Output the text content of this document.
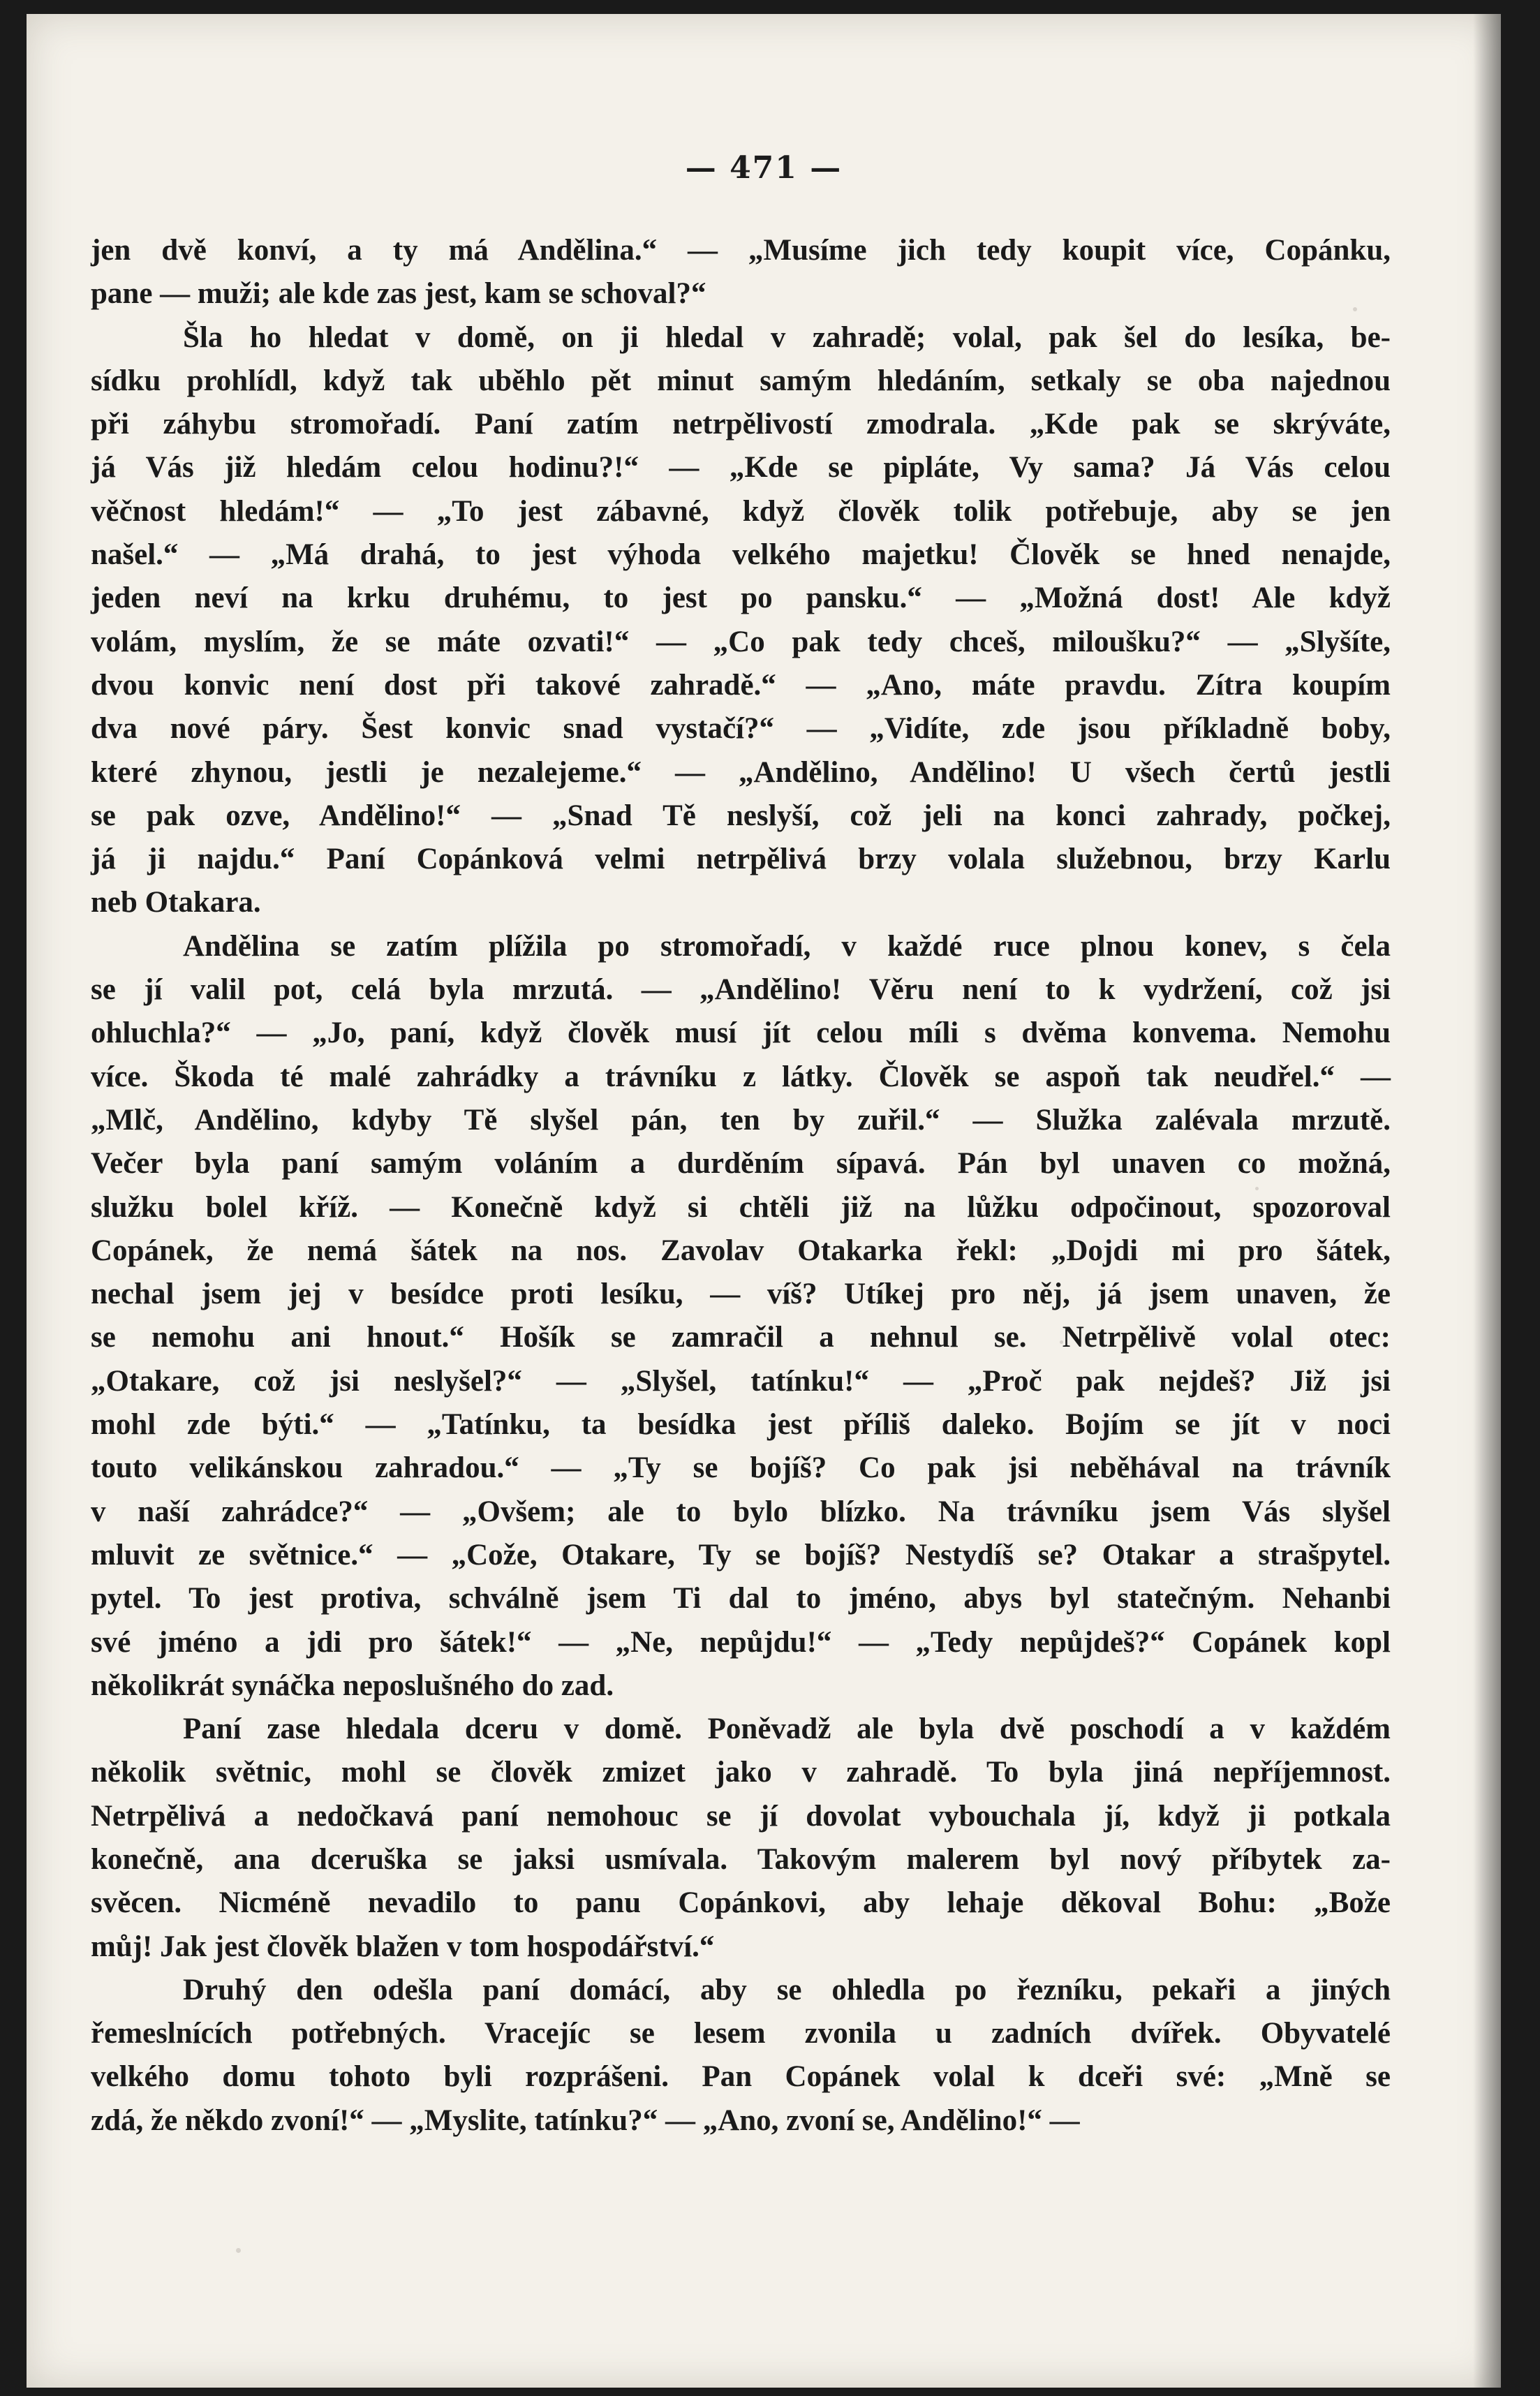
— 471 —
jen dvě konví, a ty má Andělina.“ — „Musíme jich tedy koupit více, Copánku,
pane — muži; ale kde zas jest, kam se schoval?“
Šla ho hledat v domě, on ji hledal v zahradě; volal, pak šel do lesíka, be-
sídku prohlídl, když tak uběhlo pět minut samým hledáním, setkaly se oba najednou
při záhybu stromořadí. Paní zatím netrpělivostí zmodrala. „Kde pak se skrýváte,
já Vás již hledám celou hodinu?!“ — „Kde se pipláte, Vy sama? Já Vás celou
věčnost hledám!“ — „To jest zábavné, když člověk tolik potřebuje, aby se jen
našel.“ — „Má drahá, to jest výhoda velkého majetku! Člověk se hned nenajde,
jeden neví na krku druhému, to jest po pansku.“ — „Možná dost! Ale když
volám, myslím, že se máte ozvati!“ — „Co pak tedy chceš, miloušku?“ — „Slyšíte,
dvou konvic není dost při takové zahradě.“ — „Ano, máte pravdu. Zítra koupím
dva nové páry. Šest konvic snad vystačí?“ — „Vidíte, zde jsou příkladně boby,
které zhynou, jestli je nezalejeme.“ — „Andělino, Andělino! U všech čertů jestli
se pak ozve, Andělino!“ — „Snad Tě neslyší, což jeli na konci zahrady, počkej,
já ji najdu.“ Paní Copánková velmi netrpělivá brzy volala služebnou, brzy Karlu
neb Otakara.
Andělina se zatím plížila po stromořadí, v každé ruce plnou konev, s čela
se jí valil pot, celá byla mrzutá. — „Andělino! Věru není to k vydržení, což jsi
ohluchla?“ — „Jo, paní, když člověk musí jít celou míli s dvěma konvema. Nemohu
více. Škoda té malé zahrádky a trávníku z látky. Člověk se aspoň tak neudřel.“ —
„Mlč, Andělino, kdyby Tě slyšel pán, ten by zuřil.“ — Služka zalévala mrzutě.
Večer byla paní samým voláním a durděním sípavá. Pán byl unaven co možná,
služku bolel kříž. — Konečně když si chtěli již na lůžku odpočinout, spozoroval
Copánek, že nemá šátek na nos. Zavolav Otakarka řekl: „Dojdi mi pro šátek,
nechal jsem jej v besídce proti lesíku, — víš? Utíkej pro něj, já jsem unaven, že
se nemohu ani hnout.“ Hošík se zamračil a nehnul se. Netrpělivě volal otec:
„Otakare, což jsi neslyšel?“ — „Slyšel, tatínku!“ — „Proč pak nejdeš? Již jsi
mohl zde býti.“ — „Tatínku, ta besídka jest příliš daleko. Bojím se jít v noci
touto velikánskou zahradou.“ — „Ty se bojíš? Co pak jsi neběhával na trávník
v naší zahrádce?“ — „Ovšem; ale to bylo blízko. Na trávníku jsem Vás slyšel
mluvit ze světnice.“ — „Cože, Otakare, Ty se bojíš? Nestydíš se? Otakar a strašpytel.
pytel. To jest protiva, schválně jsem Ti dal to jméno, abys byl statečným. Nehanbi
své jméno a jdi pro šátek!“ — „Ne, nepůjdu!“ — „Tedy nepůjdeš?“ Copánek kopl
několikrát synáčka neposlušného do zad.
Paní zase hledala dceru v domě. Poněvadž ale byla dvě poschodí a v každém
několik světnic, mohl se člověk zmizet jako v zahradě. To byla jiná nepříjemnost.
Netrpělivá a nedočkavá paní nemohouc se jí dovolat vybouchala jí, když ji potkala
konečně, ana dceruška se jaksi usmívala. Takovým malerem byl nový příbytek za-
svěcen. Nicméně nevadilo to panu Copánkovi, aby lehaje děkoval Bohu: „Bože
můj! Jak jest člověk blažen v tom hospodářství.“
Druhý den odešla paní domácí, aby se ohledla po řezníku, pekaři a jiných
řemeslnících potřebných. Vracejíc se lesem zvonila u zadních dvířek. Obyvatelé
velkého domu tohoto byli rozprášeni. Pan Copánek volal k dceři své: „Mně se
zdá, že někdo zvoní!“ — „Myslite, tatínku?“ — „Ano, zvoní se, Andělino!“ —
